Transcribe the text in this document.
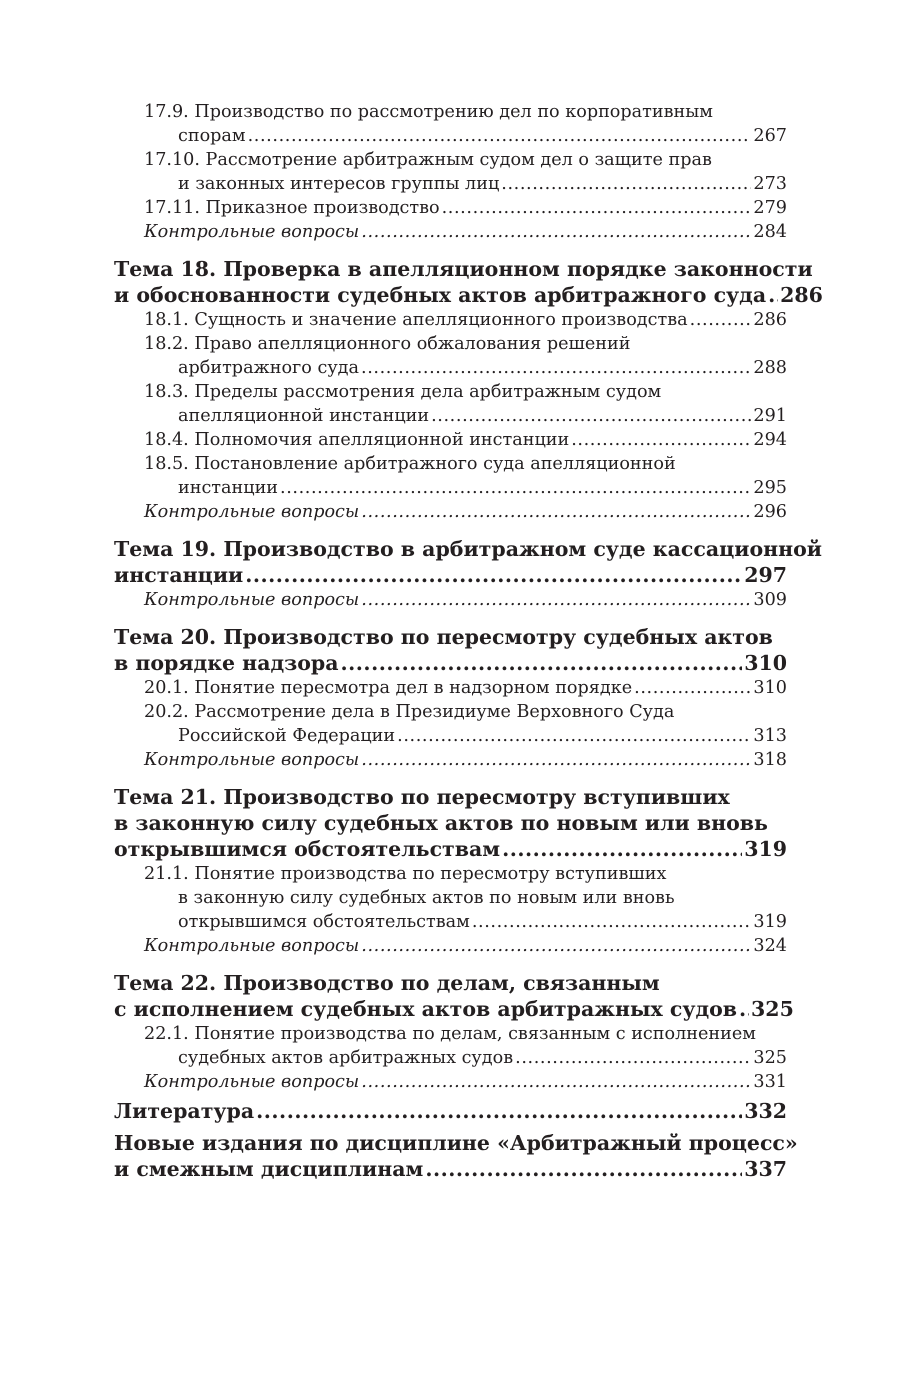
17.9. Производство по рассмотрению дел по корпоративным
спорам .....	267
17.10. Рассмотрение арбитражным судом дел о защите прав
и законных интересов группы лиц .....	273
17.11. Приказное производство .....	279
Контрольные вопросы .....	284
Тема 18. Проверка в апелляционном порядке законности
и обоснованности судебных актов арбитражного суда ..... 286
18.1. Сущность и значение апелляционного производства .....	286
18.2. Право апелляционного обжалования решений
арбитражного суда .....	288
18.3. Пределы рассмотрения дела арбитражным судом
апелляционной инстанции .....	291
18.4. Полномочия апелляционной инстанции .....	294
18.5. Постановление арбитражного суда апелляционной
инстанции .....	295
Контрольные вопросы .....	296
Тема 19. Производство в арбитражном суде кассационной
инстанции .....	297
Контрольные вопросы .....	309
Тема 20. Производство по пересмотру судебных актов
в порядке надзора .....	310
20.1. Понятие пересмотра дел в надзорном порядке .....	310
20.2. Рассмотрение дела в Президиуме Верховного Суда
Российской Федерации .....	313
Контрольные вопросы .....	318
Тема 21. Производство по пересмотру вступивших
в законную силу судебных актов по новым или вновь
открывшимся обстоятельствам .....	319
21.1. Понятие производства по пересмотру вступивших
в законную силу судебных актов по новым или вновь
открывшимся обстоятельствам .....	319
Контрольные вопросы .....	324
Тема 22. Производство по делам, связанным
с исполнением судебных актов арбитражных судов ..... 325
22.1. Понятие производства по делам, связанным с исполнением
судебных актов арбитражных судов .....	325
Контрольные вопросы .....	331
Литература .....	332
Новые издания по дисциплине «Арбитражный процесс»
и смежным дисциплинам .....	337
